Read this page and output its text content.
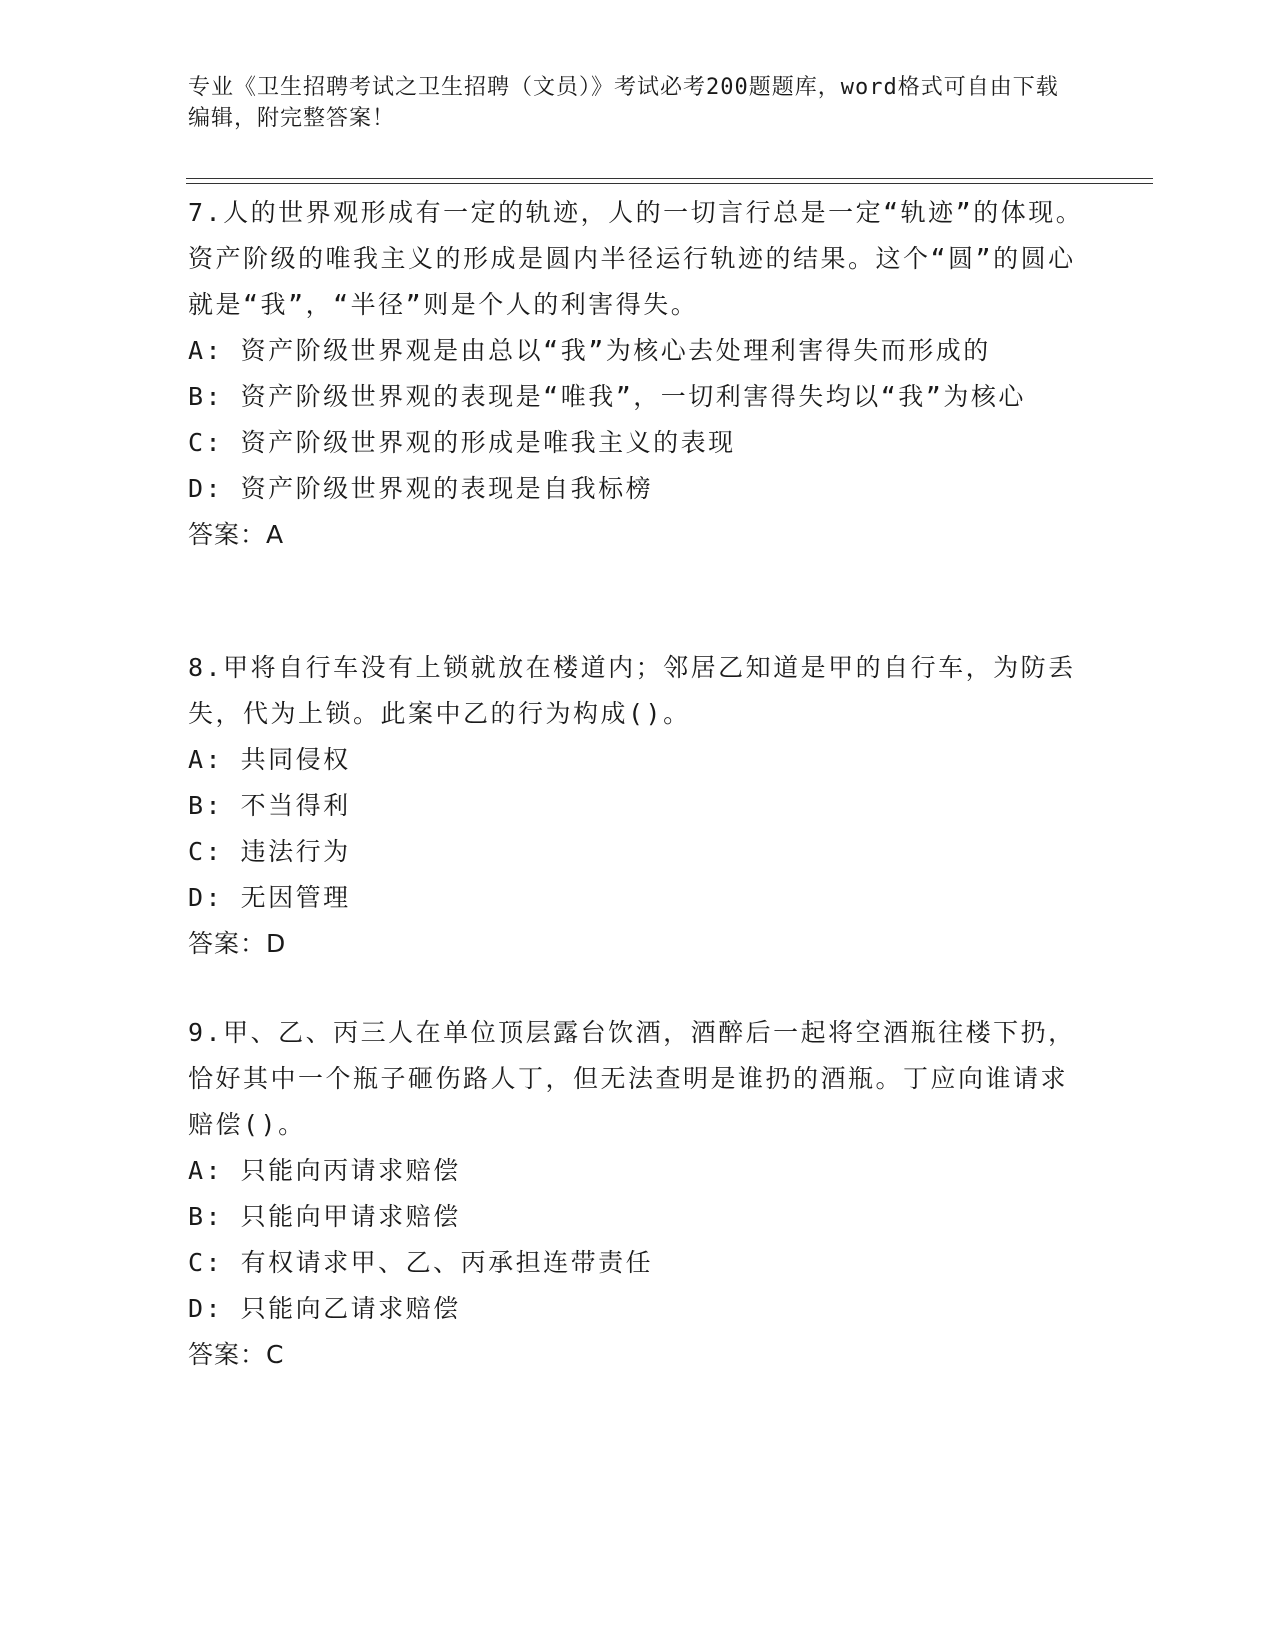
专业《卫生招聘考试之卫生招聘（文员）》考试必考200题题库，word格式可自由下载编辑，附完整答案！

7.人的世界观形成有一定的轨迹，人的一切言行总是一定“轨迹”的体现。资产阶级的唯我主义的形成是圆内半径运行轨迹的结果。这个“圆”的圆心就是“我”，“半径”则是个人的利害得失。

A: 资产阶级世界观是由总以“我”为核心去处理利害得失而形成的

B: 资产阶级世界观的表现是“唯我”，一切利害得失均以“我”为核心

C: 资产阶级世界观的形成是唯我主义的表现

D: 资产阶级世界观的表现是自我标榜

答案：A

8.甲将自行车没有上锁就放在楼道内；邻居乙知道是甲的自行车，为防丢失，代为上锁。此案中乙的行为构成()。

A: 共同侵权

B: 不当得利

C: 违法行为

D: 无因管理

答案：D

9.甲、乙、丙三人在单位顶层露台饮酒，酒醉后一起将空酒瓶往楼下扔，恰好其中一个瓶子砸伤路人丁，但无法查明是谁扔的酒瓶。丁应向谁请求赔偿()。

A: 只能向丙请求赔偿

B: 只能向甲请求赔偿

C: 有权请求甲、乙、丙承担连带责任

D: 只能向乙请求赔偿

答案：C
